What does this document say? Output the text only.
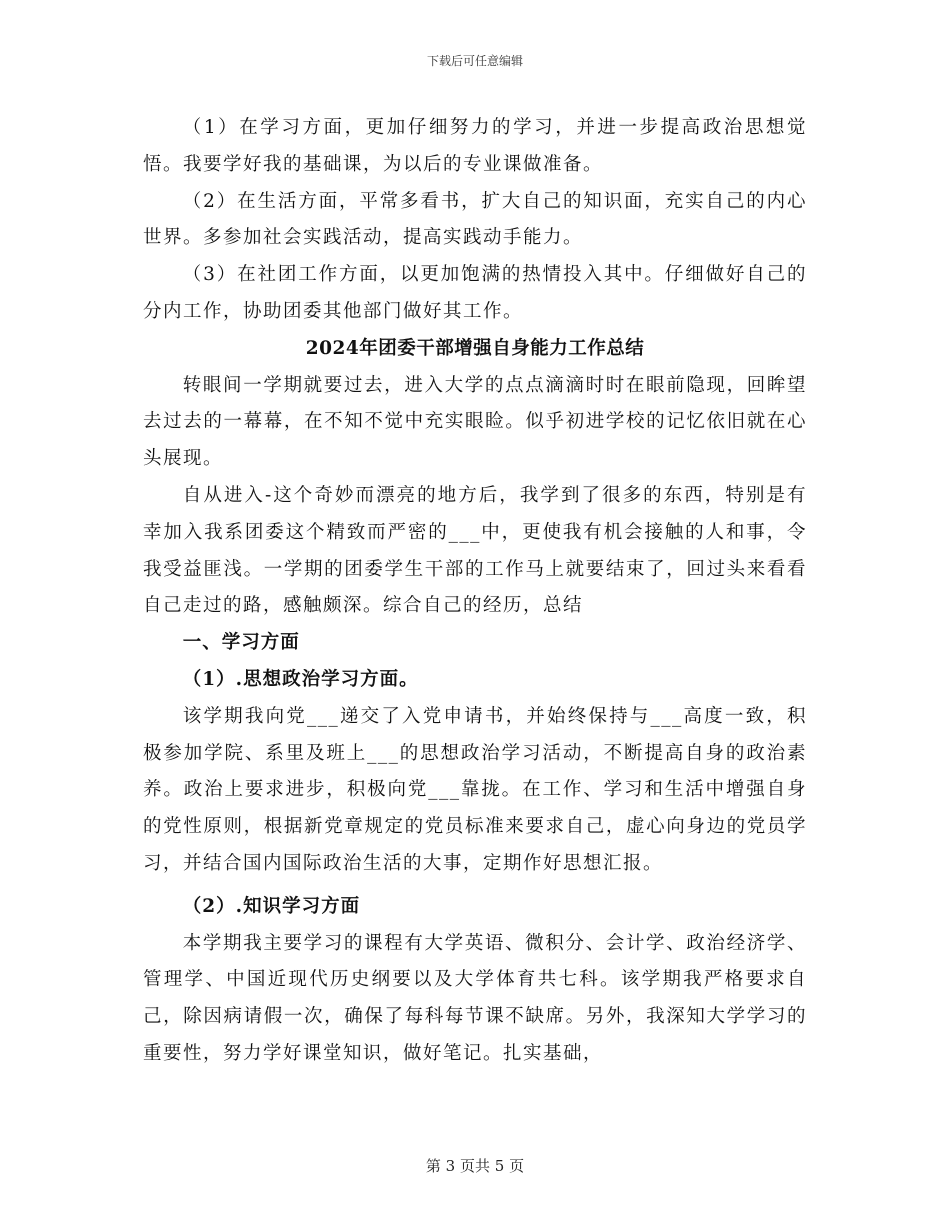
下载后可任意编辑

（1）在学习方面，更加仔细努力的学习，并进一步提高政治思想觉悟。我要学好我的基础课，为以后的专业课做准备。

（2）在生活方面，平常多看书，扩大自己的知识面，充实自己的内心世界。多参加社会实践活动，提高实践动手能力。

（3）在社团工作方面，以更加饱满的热情投入其中。仔细做好自己的分内工作，协助团委其他部门做好其工作。

2024年团委干部增强自身能力工作总结

转眼间一学期就要过去，进入大学的点点滴滴时时在眼前隐现，回眸望去过去的一幕幕，在不知不觉中充实眼睑。似乎初进学校的记忆依旧就在心头展现。

自从进入-这个奇妙而漂亮的地方后，我学到了很多的东西，特别是有幸加入我系团委这个精致而严密的___中，更使我有机会接触的人和事，令我受益匪浅。一学期的团委学生干部的工作马上就要结束了，回过头来看看自己走过的路，感触颇深。综合自己的经历，总结

一、学习方面

（1）.思想政治学习方面。

该学期我向党___递交了入党申请书，并始终保持与___高度一致，积极参加学院、系里及班上___的思想政治学习活动，不断提高自身的政治素养。政治上要求进步，积极向党___靠拢。在工作、学习和生活中增强自身的党性原则，根据新党章规定的党员标准来要求自己，虚心向身边的党员学习，并结合国内国际政治生活的大事，定期作好思想汇报。

（2）.知识学习方面

本学期我主要学习的课程有大学英语、微积分、会计学、政治经济学、管理学、中国近现代历史纲要以及大学体育共七科。该学期我严格要求自己，除因病请假一次，确保了每科每节课不缺席。另外，我深知大学学习的重要性，努力学好课堂知识，做好笔记。扎实基础，

第 3 页共 5 页
